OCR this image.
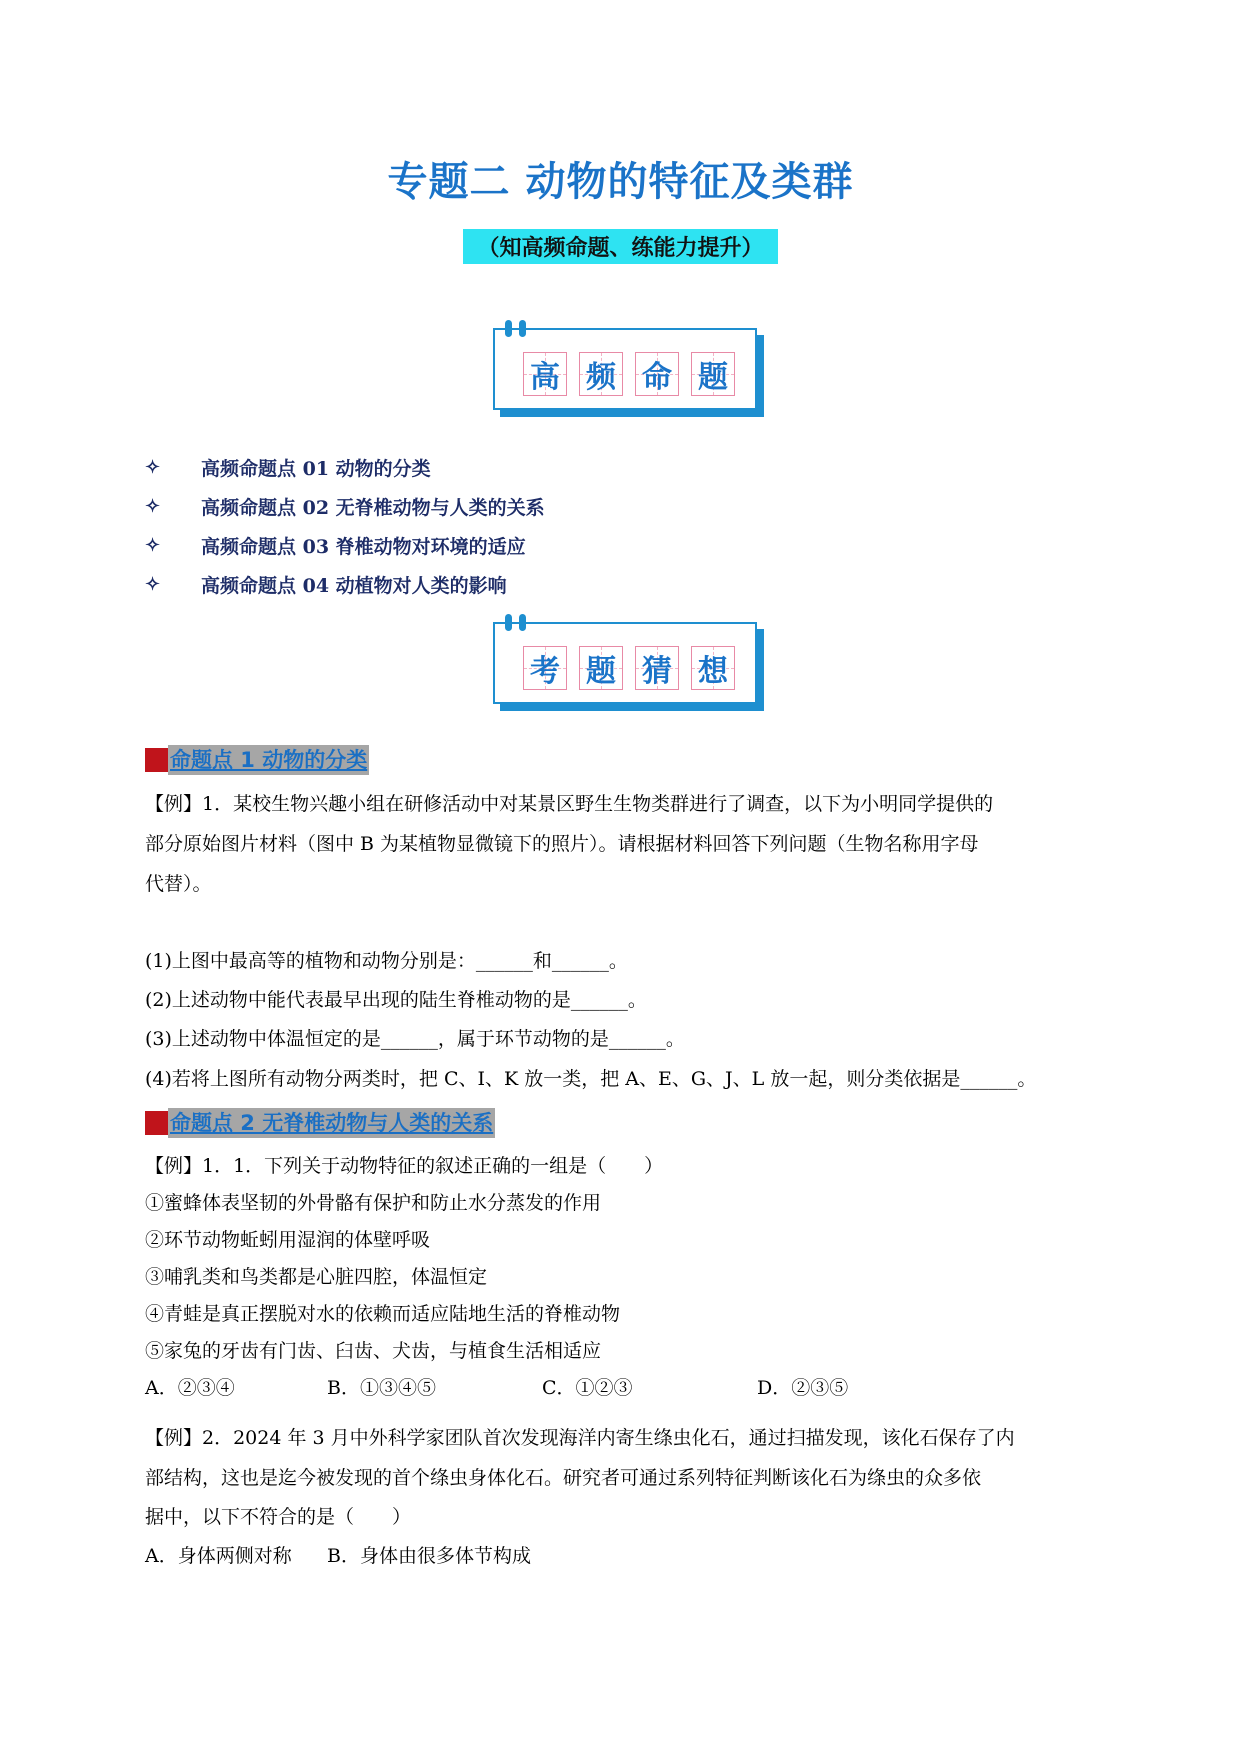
专题二 动物的特征及类群
（知高频命题、练能力提升）
高 频 命 题
✧	高频命题点 01 动物的分类
✧	高频命题点 02 无脊椎动物与人类的关系
✧	高频命题点 03 脊椎动物对环境的适应
✧	高频命题点 04 动植物对人类的影响
考 题 猜 想
命题点 1 动物的分类
【例】1．某校生物兴趣小组在研修活动中对某景区野生生物类群进行了调查，以下为小明同学提供的
部分原始图片材料（图中 B 为某植物显微镜下的照片）。请根据材料回答下列问题（生物名称用字母
代替）。
(1)上图中最高等的植物和动物分别是：______和______。
(2)上述动物中能代表最早出现的陆生脊椎动物的是______。
(3)上述动物中体温恒定的是______，属于环节动物的是______。
(4)若将上图所有动物分两类时，把 C、I、K 放一类，把 A、E、G、J、L 放一起，则分类依据是______。
命题点 2 无脊椎动物与人类的关系
【例】1．1．下列关于动物特征的叙述正确的一组是（　　）
①蜜蜂体表坚韧的外骨骼有保护和防止水分蒸发的作用
②环节动物蚯蚓用湿润的体壁呼吸
③哺乳类和鸟类都是心脏四腔，体温恒定
④青蛙是真正摆脱对水的依赖而适应陆地生活的脊椎动物
⑤家兔的牙齿有门齿、臼齿、犬齿，与植食生活相适应
A．②③④	B．①③④⑤	C．①②③	D．②③⑤
【例】2．2024 年 3 月中外科学家团队首次发现海洋内寄生绦虫化石，通过扫描发现，该化石保存了内
部结构，这也是迄今被发现的首个绦虫身体化石。研究者可通过系列特征判断该化石为绦虫的众多依
据中，以下不符合的是（　　）
A．身体两侧对称 B．身体由很多体节构成
